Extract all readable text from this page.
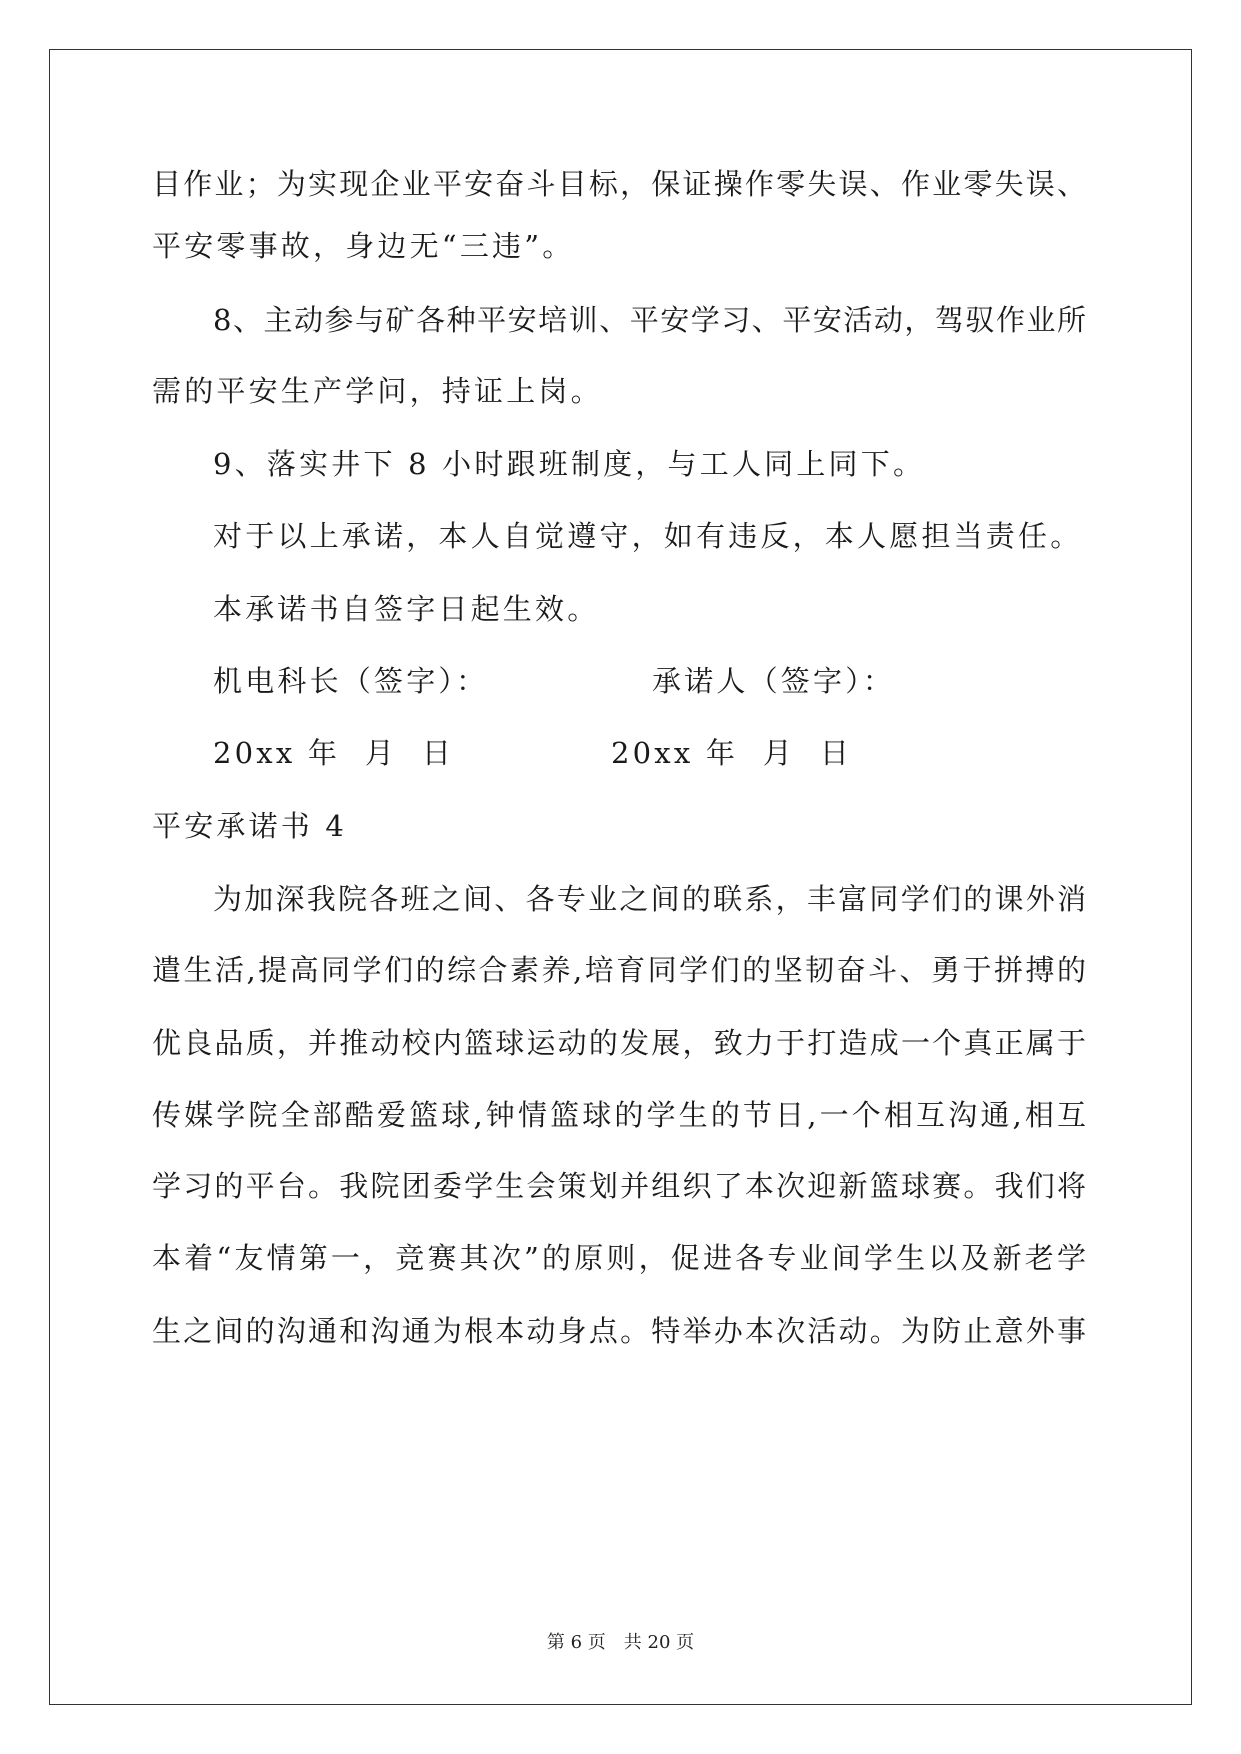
目作业；为实现企业平安奋斗目标，保证操作零失误、作业零失误、
平安零事故，身边无“三违”。
8、主动参与矿各种平安培训、平安学习、平安活动，驾驭作业所
需的平安生产学问，持证上岗。
9、落实井下 8 小时跟班制度，与工人同上同下。
对于以上承诺，本人自觉遵守，如有违反，本人愿担当责任。
本承诺书自签字日起生效。
机电科长（签字）：	承诺人（签字）：
20xx 年  月  日	20xx 年  月  日
平安承诺书 4
为加深我院各班之间、各专业之间的联系，丰富同学们的课外消
遣生活,提高同学们的综合素养,培育同学们的坚韧奋斗、勇于拼搏的
优良品质，并推动校内篮球运动的发展，致力于打造成一个真正属于
传媒学院全部酷爱篮球,钟情篮球的学生的节日,一个相互沟通,相互
学习的平台。我院团委学生会策划并组织了本次迎新篮球赛。我们将
本着“友情第一，竞赛其次”的原则，促进各专业间学生以及新老学
生之间的沟通和沟通为根本动身点。特举办本次活动。为防止意外事
第 6 页　共 20 页
